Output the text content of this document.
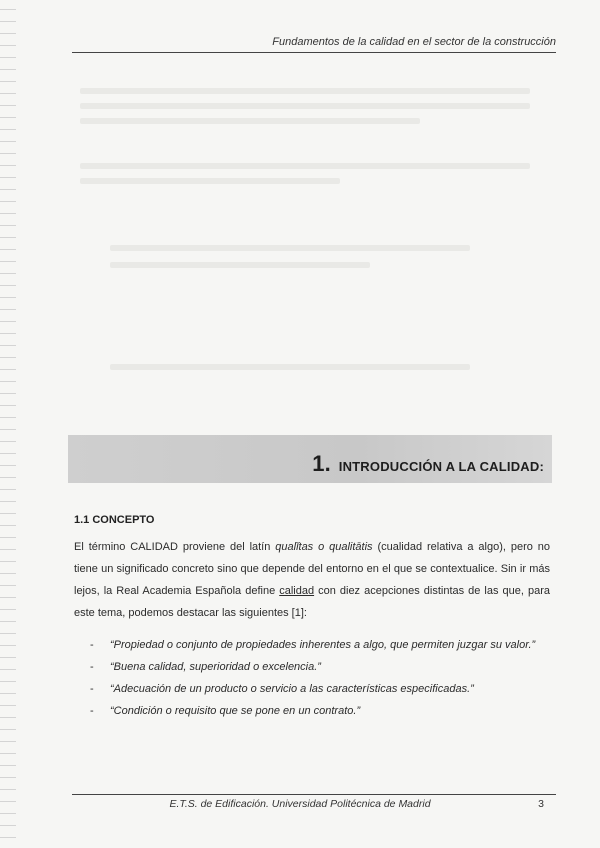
Fundamentos de la calidad en el sector de la construcción
1. INTRODUCCIÓN A LA CALIDAD:
1.1 CONCEPTO
El término CALIDAD proviene del latín qualĭtas o qualitātis (cualidad relativa a algo), pero no tiene un significado concreto sino que depende del entorno en el que se contextualice. Sin ir más lejos, la Real Academia Española define calidad con diez acepciones distintas de las que, para este tema, podemos destacar las siguientes [1]:
- “Propiedad o conjunto de propiedades inherentes a algo, que permiten juzgar su valor.”
- “Buena calidad, superioridad o excelencia.”
- “Adecuación de un producto o servicio a las características especificadas.”
- “Condición o requisito que se pone en un contrato.”
E.T.S. de Edificación. Universidad Politécnica de Madrid	3
